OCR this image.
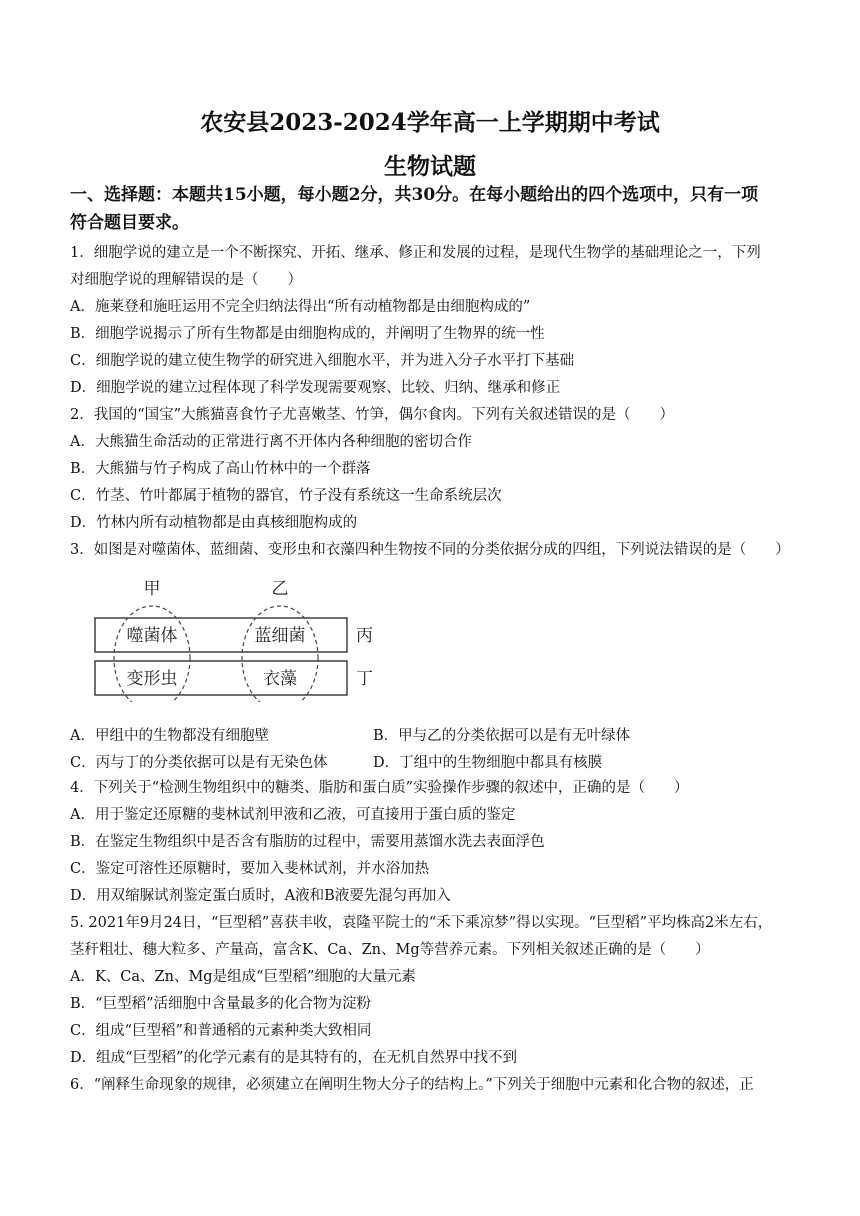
农安县2023-2024学年高一上学期期中考试
生物试题
一、选择题：本题共15小题，每小题2分，共30分。在每小题给出的四个选项中，只有一项
符合题目要求。
1．细胞学说的建立是一个不断探究、开拓、继承、修正和发展的过程，是现代生物学的基础理论之一，下列
对细胞学说的理解错误的是（　　）
A．施莱登和施旺运用不完全归纳法得出“所有动植物都是由细胞构成的”
B．细胞学说揭示了所有生物都是由细胞构成的，并阐明了生物界的统一性
C．细胞学说的建立使生物学的研究进入细胞水平，并为进入分子水平打下基础
D．细胞学说的建立过程体现了科学发现需要观察、比较、归纳、继承和修正
2．我国的“国宝”大熊猫喜食竹子尤喜嫩茎、竹笋，偶尔食肉。下列有关叙述错误的是（　　）
A．大熊猫生命活动的正常进行离不开体内各种细胞的密切合作
B．大熊猫与竹子构成了高山竹林中的一个群落
C．竹茎、竹叶都属于植物的器官，竹子没有系统这一生命系统层次
D．竹林内所有动植物都是由真核细胞构成的
3．如图是对噬菌体、蓝细菌、变形虫和衣藻四种生物按不同的分类依据分成的四组，下列说法错误的是（　　）
甲	乙
噬菌体	蓝细菌
变形虫	衣藻
丙
丁
A．甲组中的生物都没有细胞壁	B．甲与乙的分类依据可以是有无叶绿体
C．丙与丁的分类依据可以是有无染色体	D．丁组中的生物细胞中都具有核膜
4．下列关于“检测生物组织中的糖类、脂肪和蛋白质”实验操作步骤的叙述中，正确的是（　　）
A．用于鉴定还原糖的斐林试剂甲液和乙液，可直接用于蛋白质的鉴定
B．在鉴定生物组织中是否含有脂肪的过程中，需要用蒸馏水洗去表面浮色
C．鉴定可溶性还原糖时，要加入斐林试剂，并水浴加热
D．用双缩脲试剂鉴定蛋白质时，A液和B液要先混匀再加入
5. 2021年9月24日，“巨型稻”喜获丰收，袁隆平院士的“禾下乘凉梦”得以实现。“巨型稻”平均株高2米左右，
茎秆粗壮、穗大粒多、产量高，富含K、Ca、Zn、Mg等营养元素。下列相关叙述正确的是（　　）
A．K、Ca、Zn、Mg是组成“巨型稻”细胞的大量元素
B．“巨型稻”活细胞中含量最多的化合物为淀粉
C．组成“巨型稻”和普通稻的元素种类大致相同
D．组成“巨型稻”的化学元素有的是其特有的，在无机自然界中找不到
6．“阐释生命现象的规律，必须建立在阐明生物大分子的结构上。”下列关于细胞中元素和化合物的叙述，正
